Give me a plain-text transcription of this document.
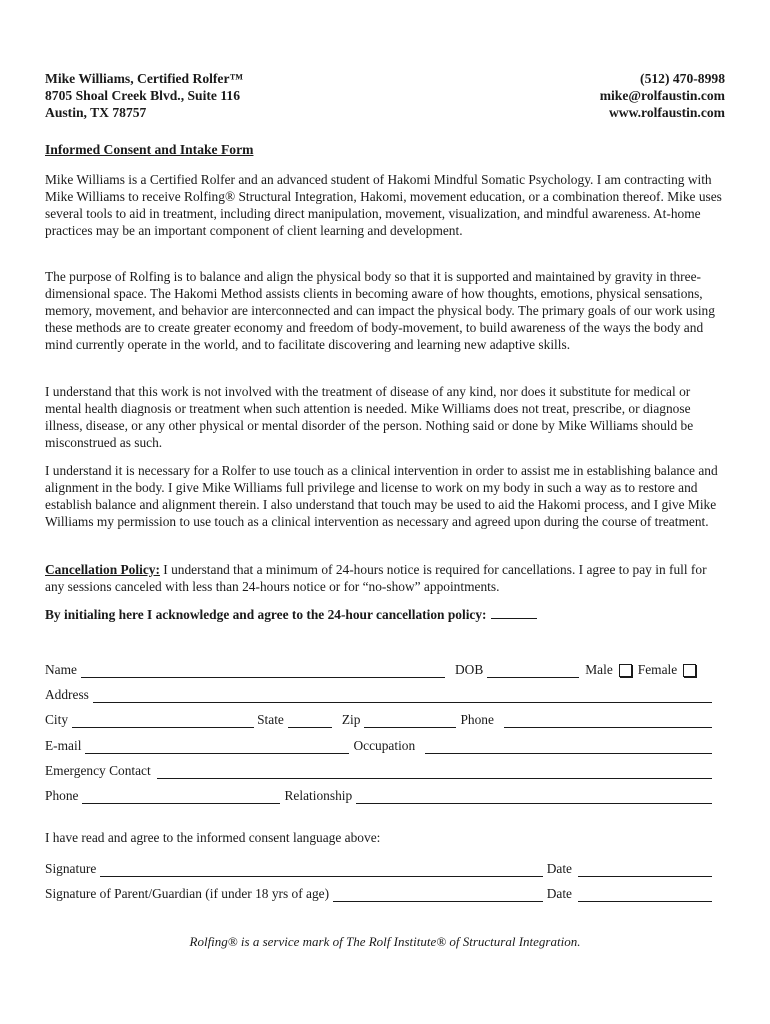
Mike Williams, Certified Rolfer™
8705 Shoal Creek Blvd., Suite 116
Austin, TX 78757
(512) 470-8998
mike@rolfaustin.com
www.rolfaustin.com
Informed Consent and Intake Form

Mike Williams is a Certified Rolfer and an advanced student of Hakomi Mindful Somatic Psychology. I am contracting with Mike Williams to receive Rolfing® Structural Integration, Hakomi, movement education, or a combination thereof. Mike uses several tools to aid in treatment, including direct manipulation, movement, visualization, and mindful awareness. At-home practices may be an important component of client learning and development.

The purpose of Rolfing is to balance and align the physical body so that it is supported and maintained by gravity in three-dimensional space. The Hakomi Method assists clients in becoming aware of how thoughts, emotions, physical sensations, memory, movement, and behavior are interconnected and can impact the physical body. The primary goals of our work using these methods are to create greater economy and freedom of body-movement, to build awareness of the ways the body and mind currently operate in the world, and to facilitate discovering and learning new adaptive skills.

I understand that this work is not involved with the treatment of disease of any kind, nor does it substitute for medical or mental health diagnosis or treatment when such attention is needed. Mike Williams does not treat, prescribe, or diagnose illness, disease, or any other physical or mental disorder of the person. Nothing said or done by Mike Williams should be misconstrued as such.

I understand it is necessary for a Rolfer to use touch as a clinical intervention in order to assist me in establishing balance and alignment in the body. I give Mike Williams full privilege and license to work on my body in such a way as to restore and establish balance and alignment therein. I also understand that touch may be used to aid the Hakomi process, and I give Mike Williams my permission to use touch as a clinical intervention as necessary and agreed upon during the course of treatment.

Cancellation Policy: I understand that a minimum of 24-hours notice is required for cancellations. I agree to pay in full for any sessions canceled with less than 24-hours notice or for “no-show” appointments.

By initialing here I acknowledge and agree to the 24-hour cancellation policy:
Name	DOB	Male Female
Address
City	State	Zip	Phone
E-mail	Occupation
Emergency Contact
Phone	Relationship
I have read and agree to the informed consent language above:
Signature	Date
Signature of Parent/Guardian (if under 18 yrs of age)	Date
Rolfing® is a service mark of The Rolf Institute® of Structural Integration.
